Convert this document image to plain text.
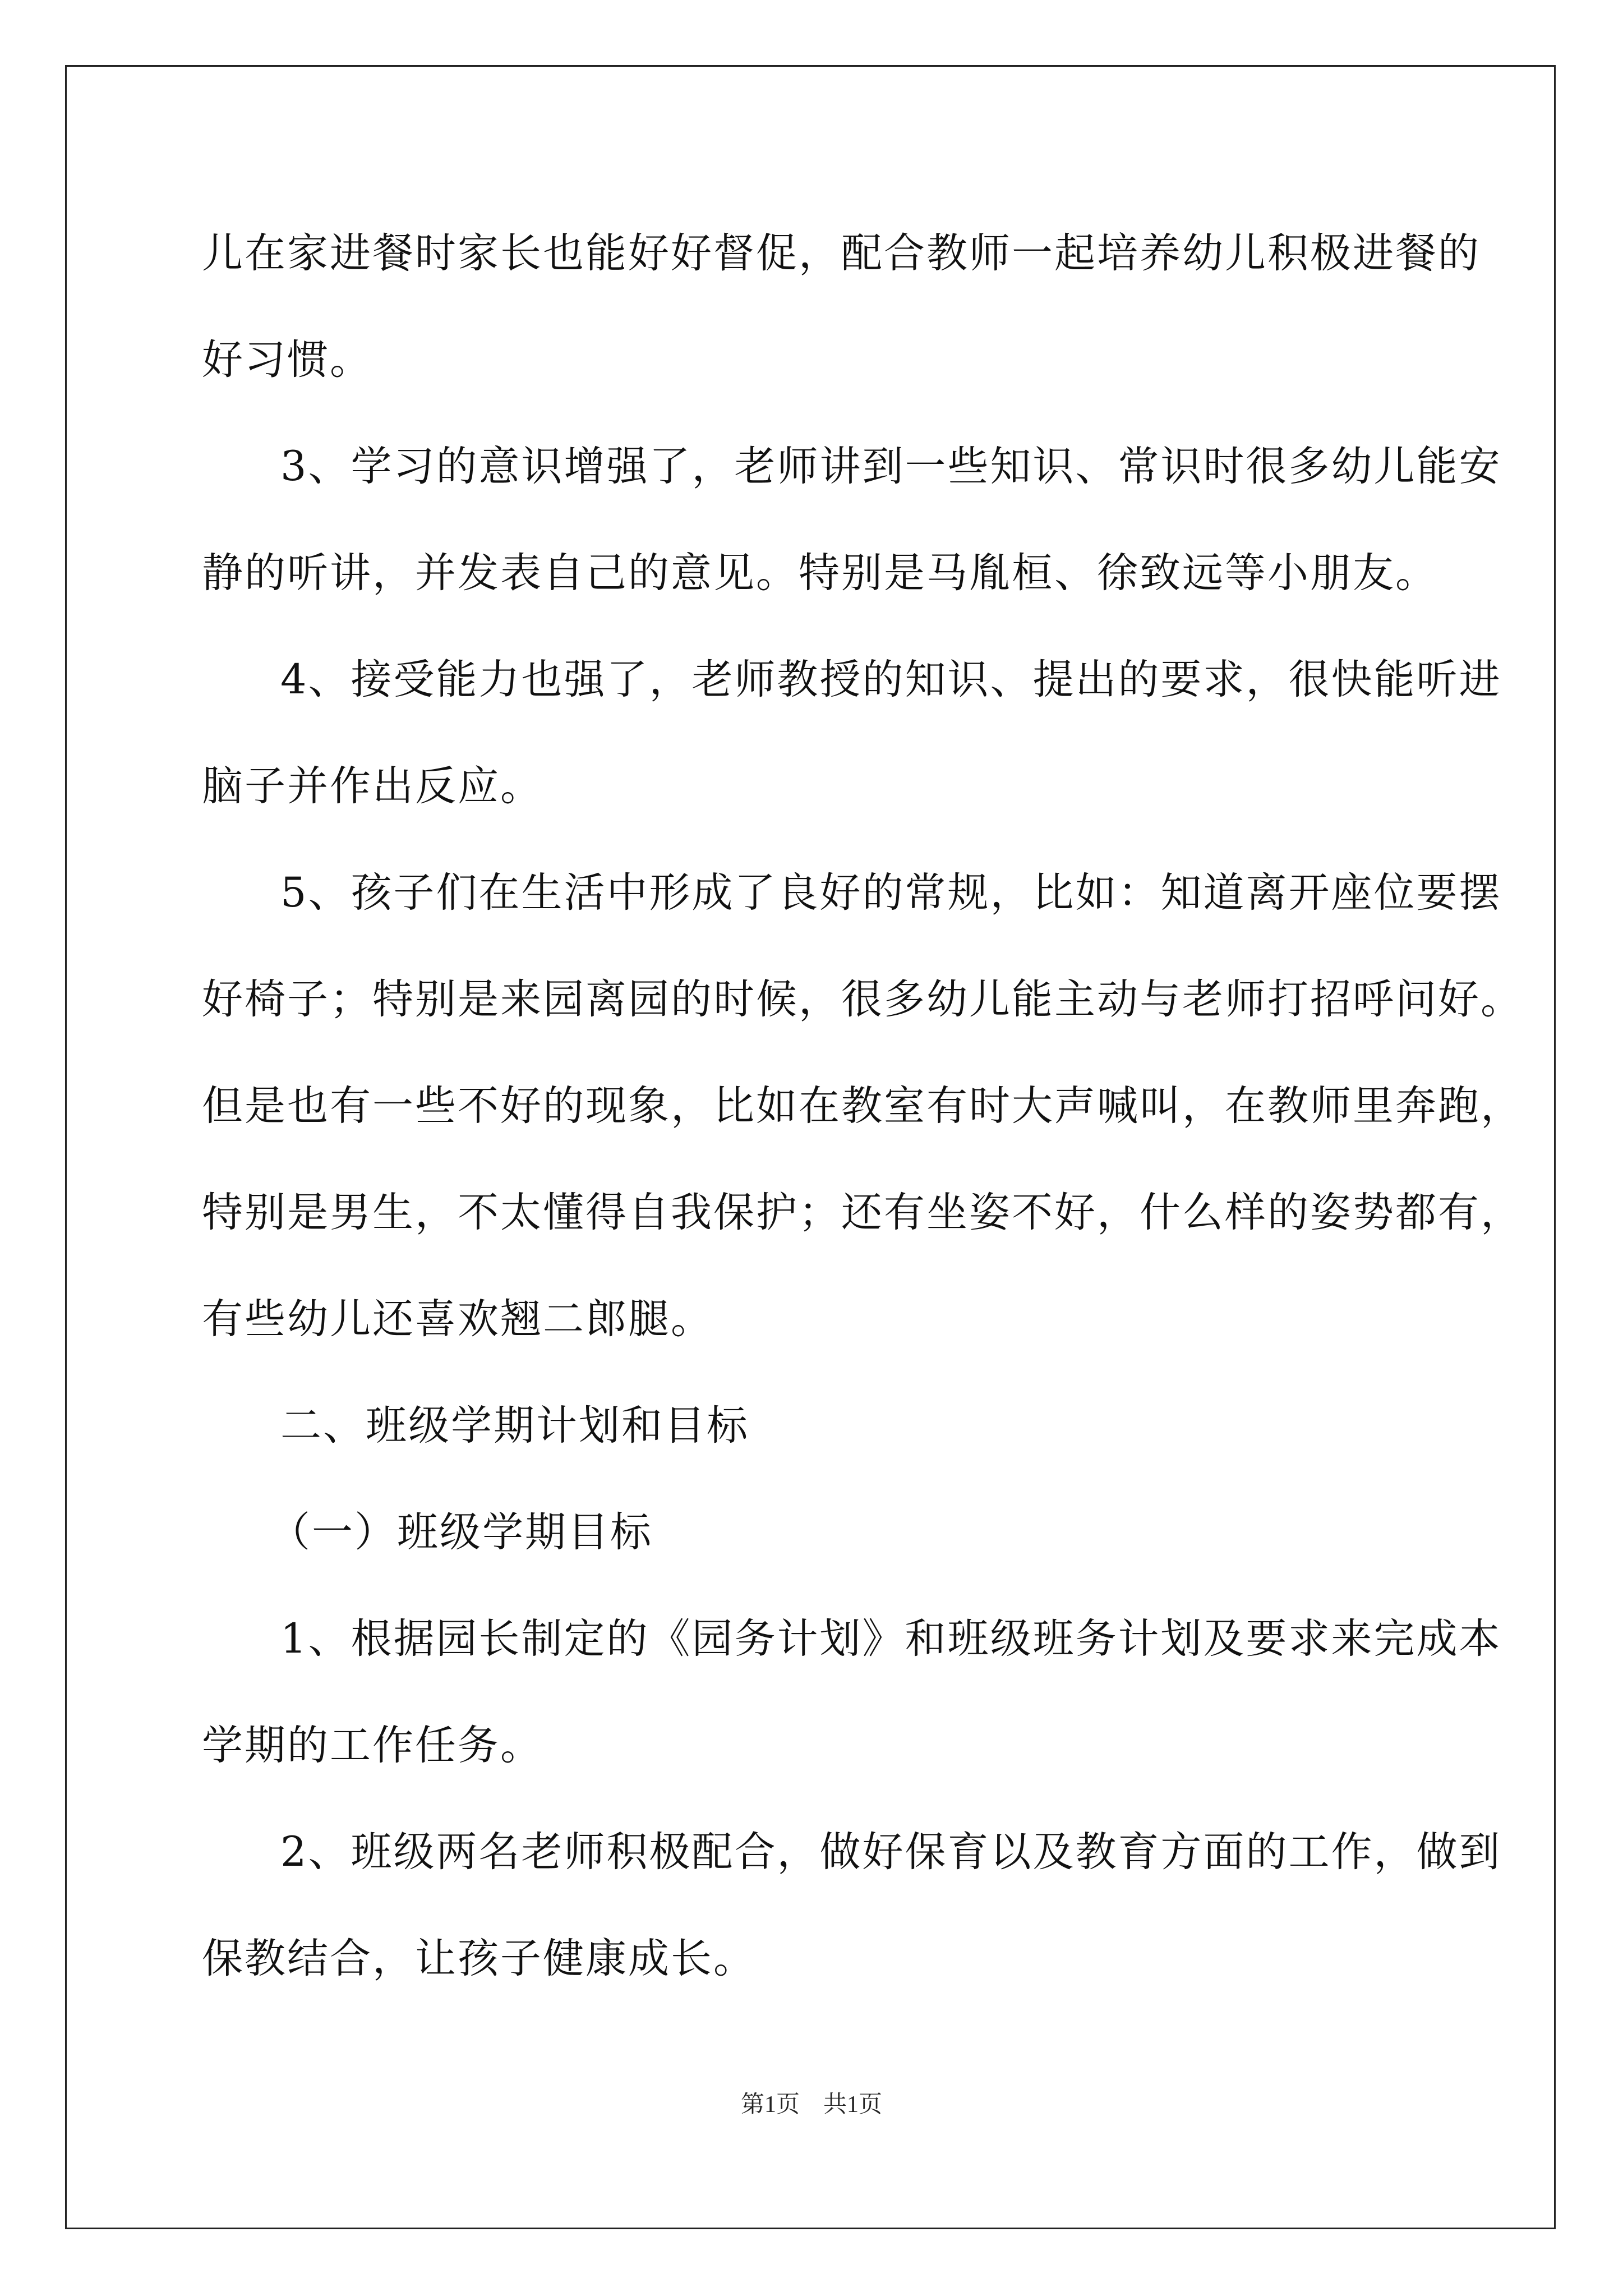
儿在家进餐时家长也能好好督促，配合教师一起培养幼儿积极进餐的
好习惯。
3、学习的意识增强了，老师讲到一些知识、常识时很多幼儿能安
静的听讲，并发表自己的意见。特别是马胤桓、徐致远等小朋友。
4、接受能力也强了，老师教授的知识、提出的要求，很快能听进
脑子并作出反应。
5、孩子们在生活中形成了良好的常规，比如：知道离开座位要摆
好椅子；特别是来园离园的时候，很多幼儿能主动与老师打招呼问好。
但是也有一些不好的现象，比如在教室有时大声喊叫，在教师里奔跑，
特别是男生，不太懂得自我保护；还有坐姿不好，什么样的姿势都有，
有些幼儿还喜欢翘二郎腿。
二、班级学期计划和目标
（一）班级学期目标
1、根据园长制定的《园务计划》和班级班务计划及要求来完成本
学期的工作任务。
2、班级两名老师积极配合，做好保育以及教育方面的工作，做到
保教结合，让孩子健康成长。
第1页　共1页
